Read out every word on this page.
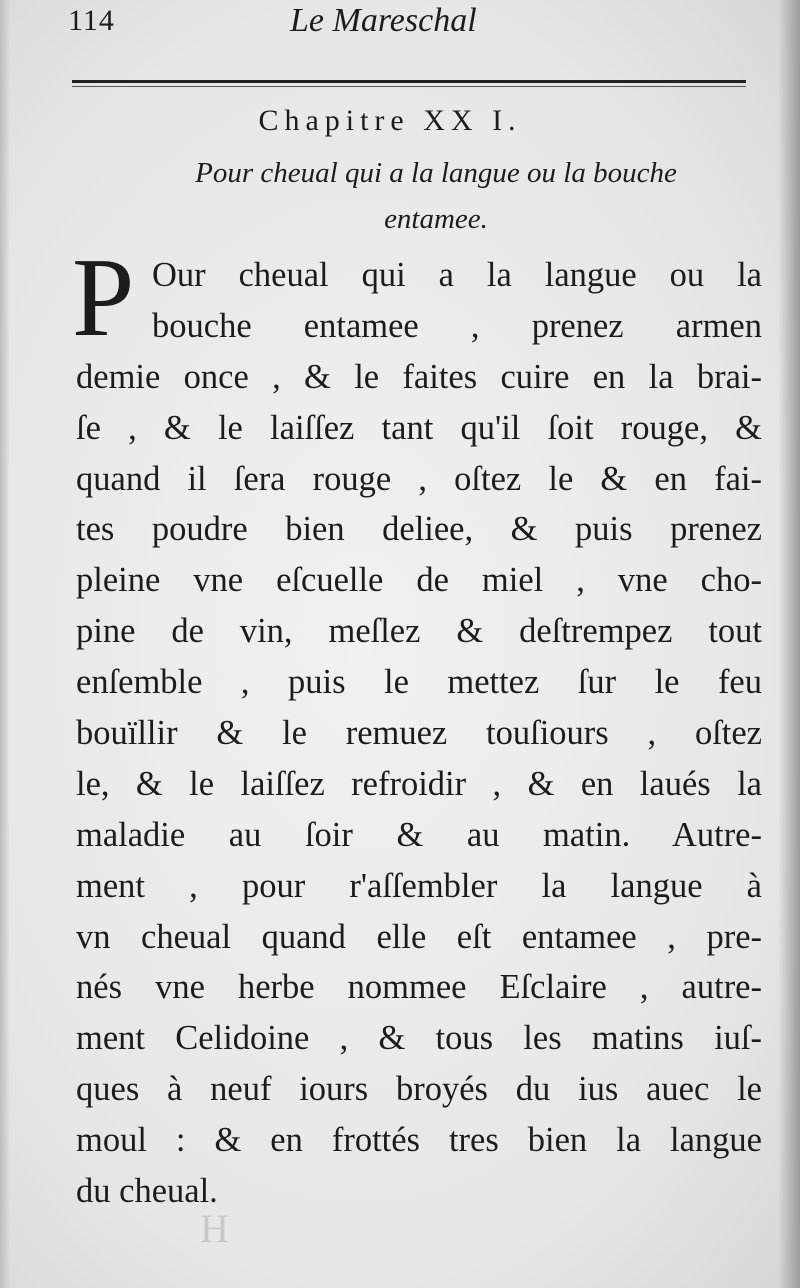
114	Le Mareschal
Chapitre XX I.
Pour cheual qui a la langue ou la bouche
entamee.
P Our cheual qui a la langue ou la
bouche entamee , prenez armen
demie once , & le faites cuire en la brai-
ſe , & le laiſſez tant qu'il ſoit rouge, &
quand il ſera rouge , oſtez le & en fai-
tes poudre bien deliee, & puis prenez
pleine vne eſcuelle de miel , vne cho-
pine de vin, meſlez & deſtrempez tout
enſemble , puis le mettez ſur le feu
bouïllir & le remuez touſiours , oſtez
le, & le laiſſez refroidir , & en laués la
maladie au ſoir & au matin. Autre-
ment , pour r'aſſembler la langue à
vn cheual quand elle eſt entamee , pre-
nés vne herbe nommee Eſclaire , autre-
ment Celidoine , & tous les matins iuſ-
ques à neuf iours broyés du ius auec le
moul : & en frottés tres bien la langue
du cheual.
H
